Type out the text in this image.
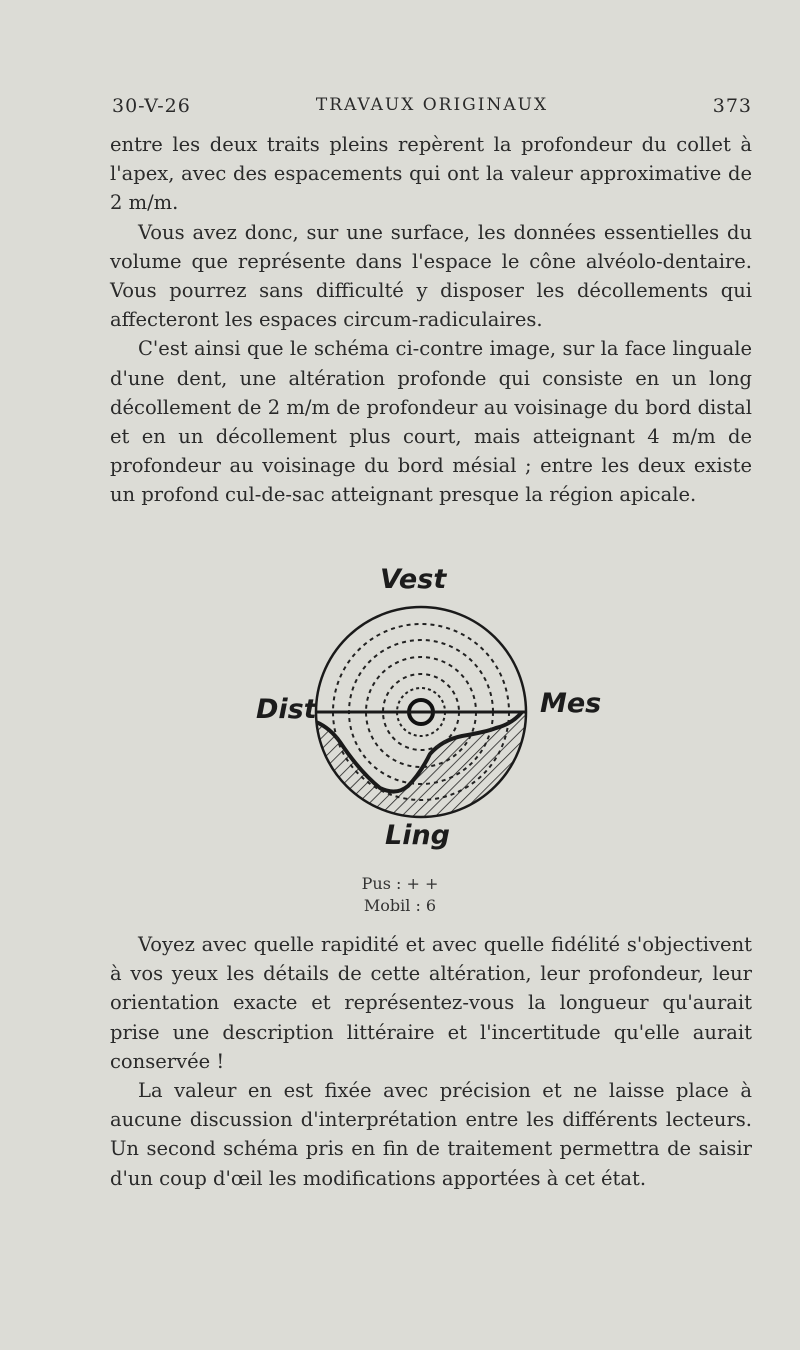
30-V-26	TRAVAUX ORIGINAUX	373

entre les deux traits pleins repèrent la profondeur du collet à l'apex, avec des espacements qui ont la valeur approximative de 2 m/m.

Vous avez donc, sur une surface, les données essentielles du volume que représente dans l'espace le cône alvéolo-dentaire. Vous pourrez sans difficulté y disposer les décollements qui affecteront les espaces circum-radiculaires.

C'est ainsi que le schéma ci-contre image, sur la face linguale d'une dent, une altération profonde qui consiste en un long décollement de 2 m/m de profondeur au voisinage du bord distal et en un décollement plus court, mais atteignant 4 m/m de profondeur au voisinage du bord mésial ; entre les deux existe un profond cul-de-sac atteignant presque la région apicale.

Vest
Dist	Mes
Ling
Pus : + +
Mobil : 6

Voyez avec quelle rapidité et avec quelle fidélité s'objectivent à vos yeux les détails de cette altération, leur profondeur, leur orientation exacte et représentez-vous la longueur qu'aurait prise une description littéraire et l'incertitude qu'elle aurait conservée !

La valeur en est fixée avec précision et ne laisse place à aucune discussion d'interprétation entre les différents lecteurs. Un second schéma pris en fin de traitement permettra de saisir d'un coup d'œil les modifications apportées à cet état.
